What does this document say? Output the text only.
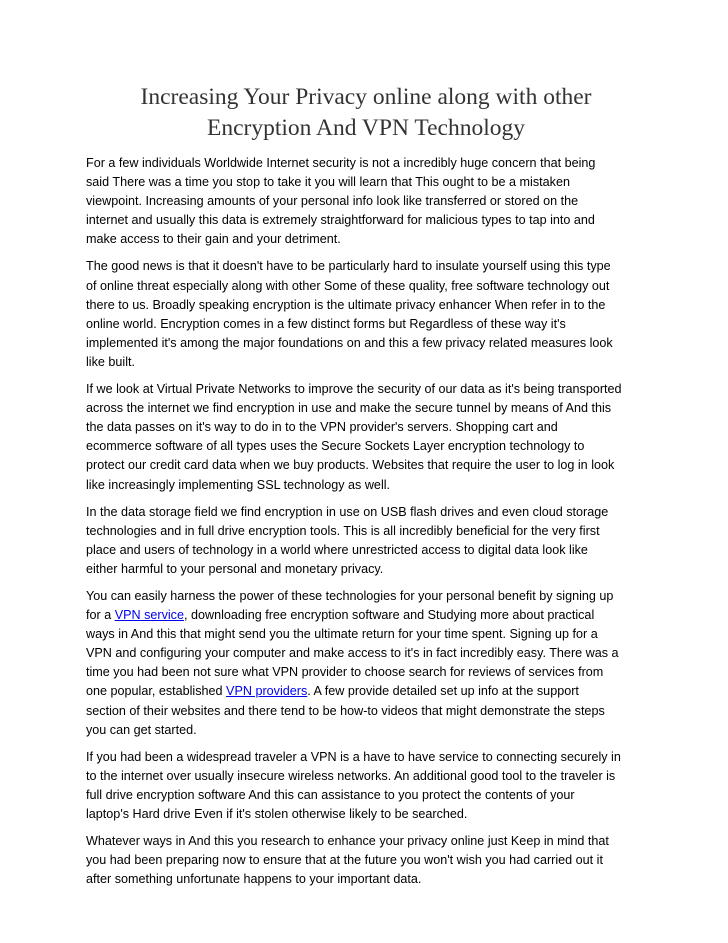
Increasing Your Privacy online along with other
Encryption And VPN Technology

For a few individuals Worldwide Internet security is not a incredibly huge concern that being
said There was a time you stop to take it you will learn that This ought to be a mistaken
viewpoint. Increasing amounts of your personal info look like transferred or stored on the
internet and usually this data is extremely straightforward for malicious types to tap into and
make access to their gain and your detriment.

The good news is that it doesn't have to be particularly hard to insulate yourself using this type
of online threat especially along with other Some of these quality, free software technology out
there to us. Broadly speaking encryption is the ultimate privacy enhancer When refer in to the
online world. Encryption comes in a few distinct forms but Regardless of these way it's
implemented it's among the major foundations on and this a few privacy related measures look
like built.

If we look at Virtual Private Networks to improve the security of our data as it's being transported
across the internet we find encryption in use and make the secure tunnel by means of And this
the data passes on it's way to do in to the VPN provider's servers. Shopping cart and
ecommerce software of all types uses the Secure Sockets Layer encryption technology to
protect our credit card data when we buy products. Websites that require the user to log in look
like increasingly implementing SSL technology as well.

In the data storage field we find encryption in use on USB flash drives and even cloud storage
technologies and in full drive encryption tools. This is all incredibly beneficial for the very first
place and users of technology in a world where unrestricted access to digital data look like
either harmful to your personal and monetary privacy.

You can easily harness the power of these technologies for your personal benefit by signing up
for a VPN service, downloading free encryption software and Studying more about practical
ways in And this that might send you the ultimate return for your time spent. Signing up for a
VPN and configuring your computer and make access to it's in fact incredibly easy. There was a
time you had been not sure what VPN provider to choose search for reviews of services from
one popular, established VPN providers. A few provide detailed set up info at the support
section of their websites and there tend to be how-to videos that might demonstrate the steps
you can get started.

If you had been a widespread traveler a VPN is a have to have service to connecting securely in
to the internet over usually insecure wireless networks. An additional good tool to the traveler is
full drive encryption software And this can assistance to you protect the contents of your
laptop's Hard drive Even if it's stolen otherwise likely to be searched.

Whatever ways in And this you research to enhance your privacy online just Keep in mind that
you had been preparing now to ensure that at the future you won't wish you had carried out it
after something unfortunate happens to your important data.
